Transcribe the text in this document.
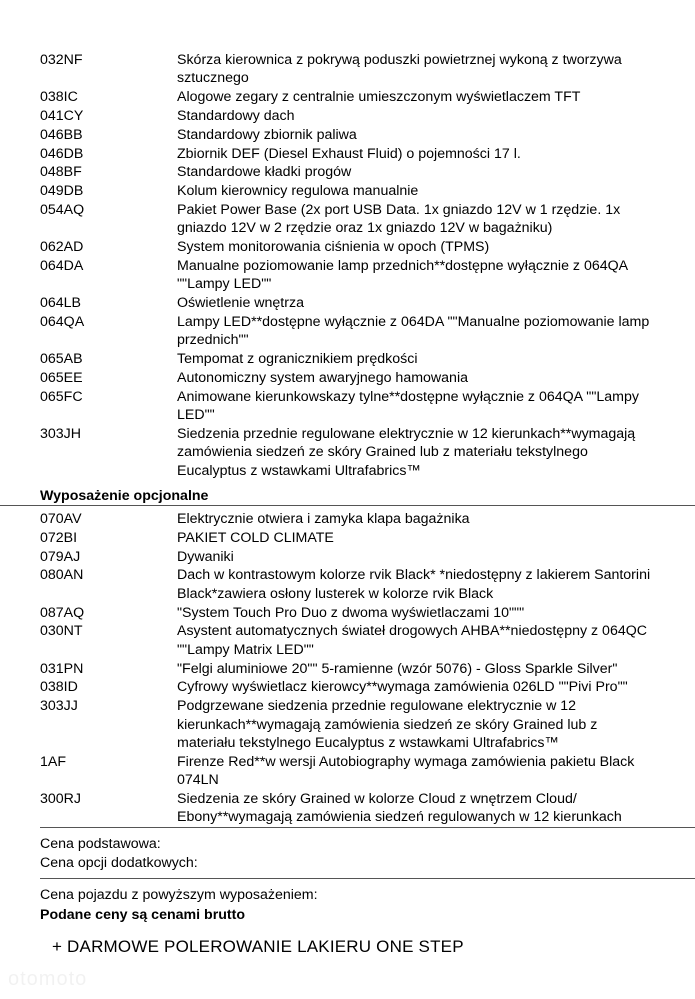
032NF	Skórza kierownica z pokrywą poduszki powietrznej wykoną z tworzywa sztucznego
038IC	Alogowe zegary z centralnie umieszczonym wyświetlaczem TFT
041CY	Standardowy dach
046BB	Standardowy zbiornik paliwa
046DB	Zbiornik DEF (Diesel Exhaust Fluid) o pojemności 17 l.
048BF	Standardowe kładki progów
049DB	Kolum kierownicy regulowa manualnie
054AQ	Pakiet Power Base (2x port USB Data. 1x gniazdo 12V w 1 rzędzie. 1x gniazdo 12V w 2 rzędzie oraz 1x gniazdo 12V w bagażniku)
062AD	System monitorowania ciśnienia w opoch (TPMS)
064DA	Manualne poziomowanie lamp przednich**dostępne wyłącznie z 064QA ""Lampy LED""
064LB	Oświetlenie wnętrza
064QA	Lampy LED**dostępne wyłącznie z 064DA ""Manualne poziomowanie lamp przednich""
065AB	Tempomat z ogranicznikiem prędkości
065EE	Autonomiczny system awaryjnego hamowania
065FC	Animowane kierunkowskazy tylne**dostępne wyłącznie z 064QA ""Lampy LED""
303JH	Siedzenia przednie regulowane elektrycznie w 12 kierunkach**wymagają zamówienia siedzeń ze skóry Grained lub z materiału tekstylnego Eucalyptus z wstawkami Ultrafabrics™
Wyposażenie opcjonalne
070AV	Elektrycznie otwiera i zamyka klapa bagażnika
072BI	PAKIET COLD CLIMATE
079AJ	Dywaniki
080AN	Dach w kontrastowym kolorze rvik Black* *niedostępny z lakierem Santorini Black*zawiera osłony lusterek w kolorze rvik Black
087AQ	"System Touch Pro Duo z dwoma wyświetlaczami 10"""
030NT	Asystent automatycznych świateł drogowych AHBA**niedostępny z 064QC ""Lampy Matrix LED""
031PN	"Felgi aluminiowe 20"" 5-ramienne (wzór 5076) - Gloss Sparkle Silver"
038ID	Cyfrowy wyświetlacz kierowcy**wymaga zamówienia 026LD ""Pivi Pro""
303JJ	Podgrzewane siedzenia przednie regulowane elektrycznie w 12 kierunkach**wymagają zamówienia siedzeń ze skóry Grained lub z materiału tekstylnego Eucalyptus z wstawkami Ultrafabrics™
1AF	Firenze Red**w wersji Autobiography wymaga zamówienia pakietu Black 074LN
300RJ	Siedzenia ze skóry Grained w kolorze Cloud z wnętrzem Cloud/ Ebony**wymagają zamówienia siedzeń regulowanych w 12 kierunkach
Cena podstawowa:
Cena opcji dodatkowych:
Cena pojazdu z powyższym wyposażeniem:
Podane ceny są cenami brutto
+ DARMOWE POLEROWANIE LAKIERU ONE STEP
otomoto
